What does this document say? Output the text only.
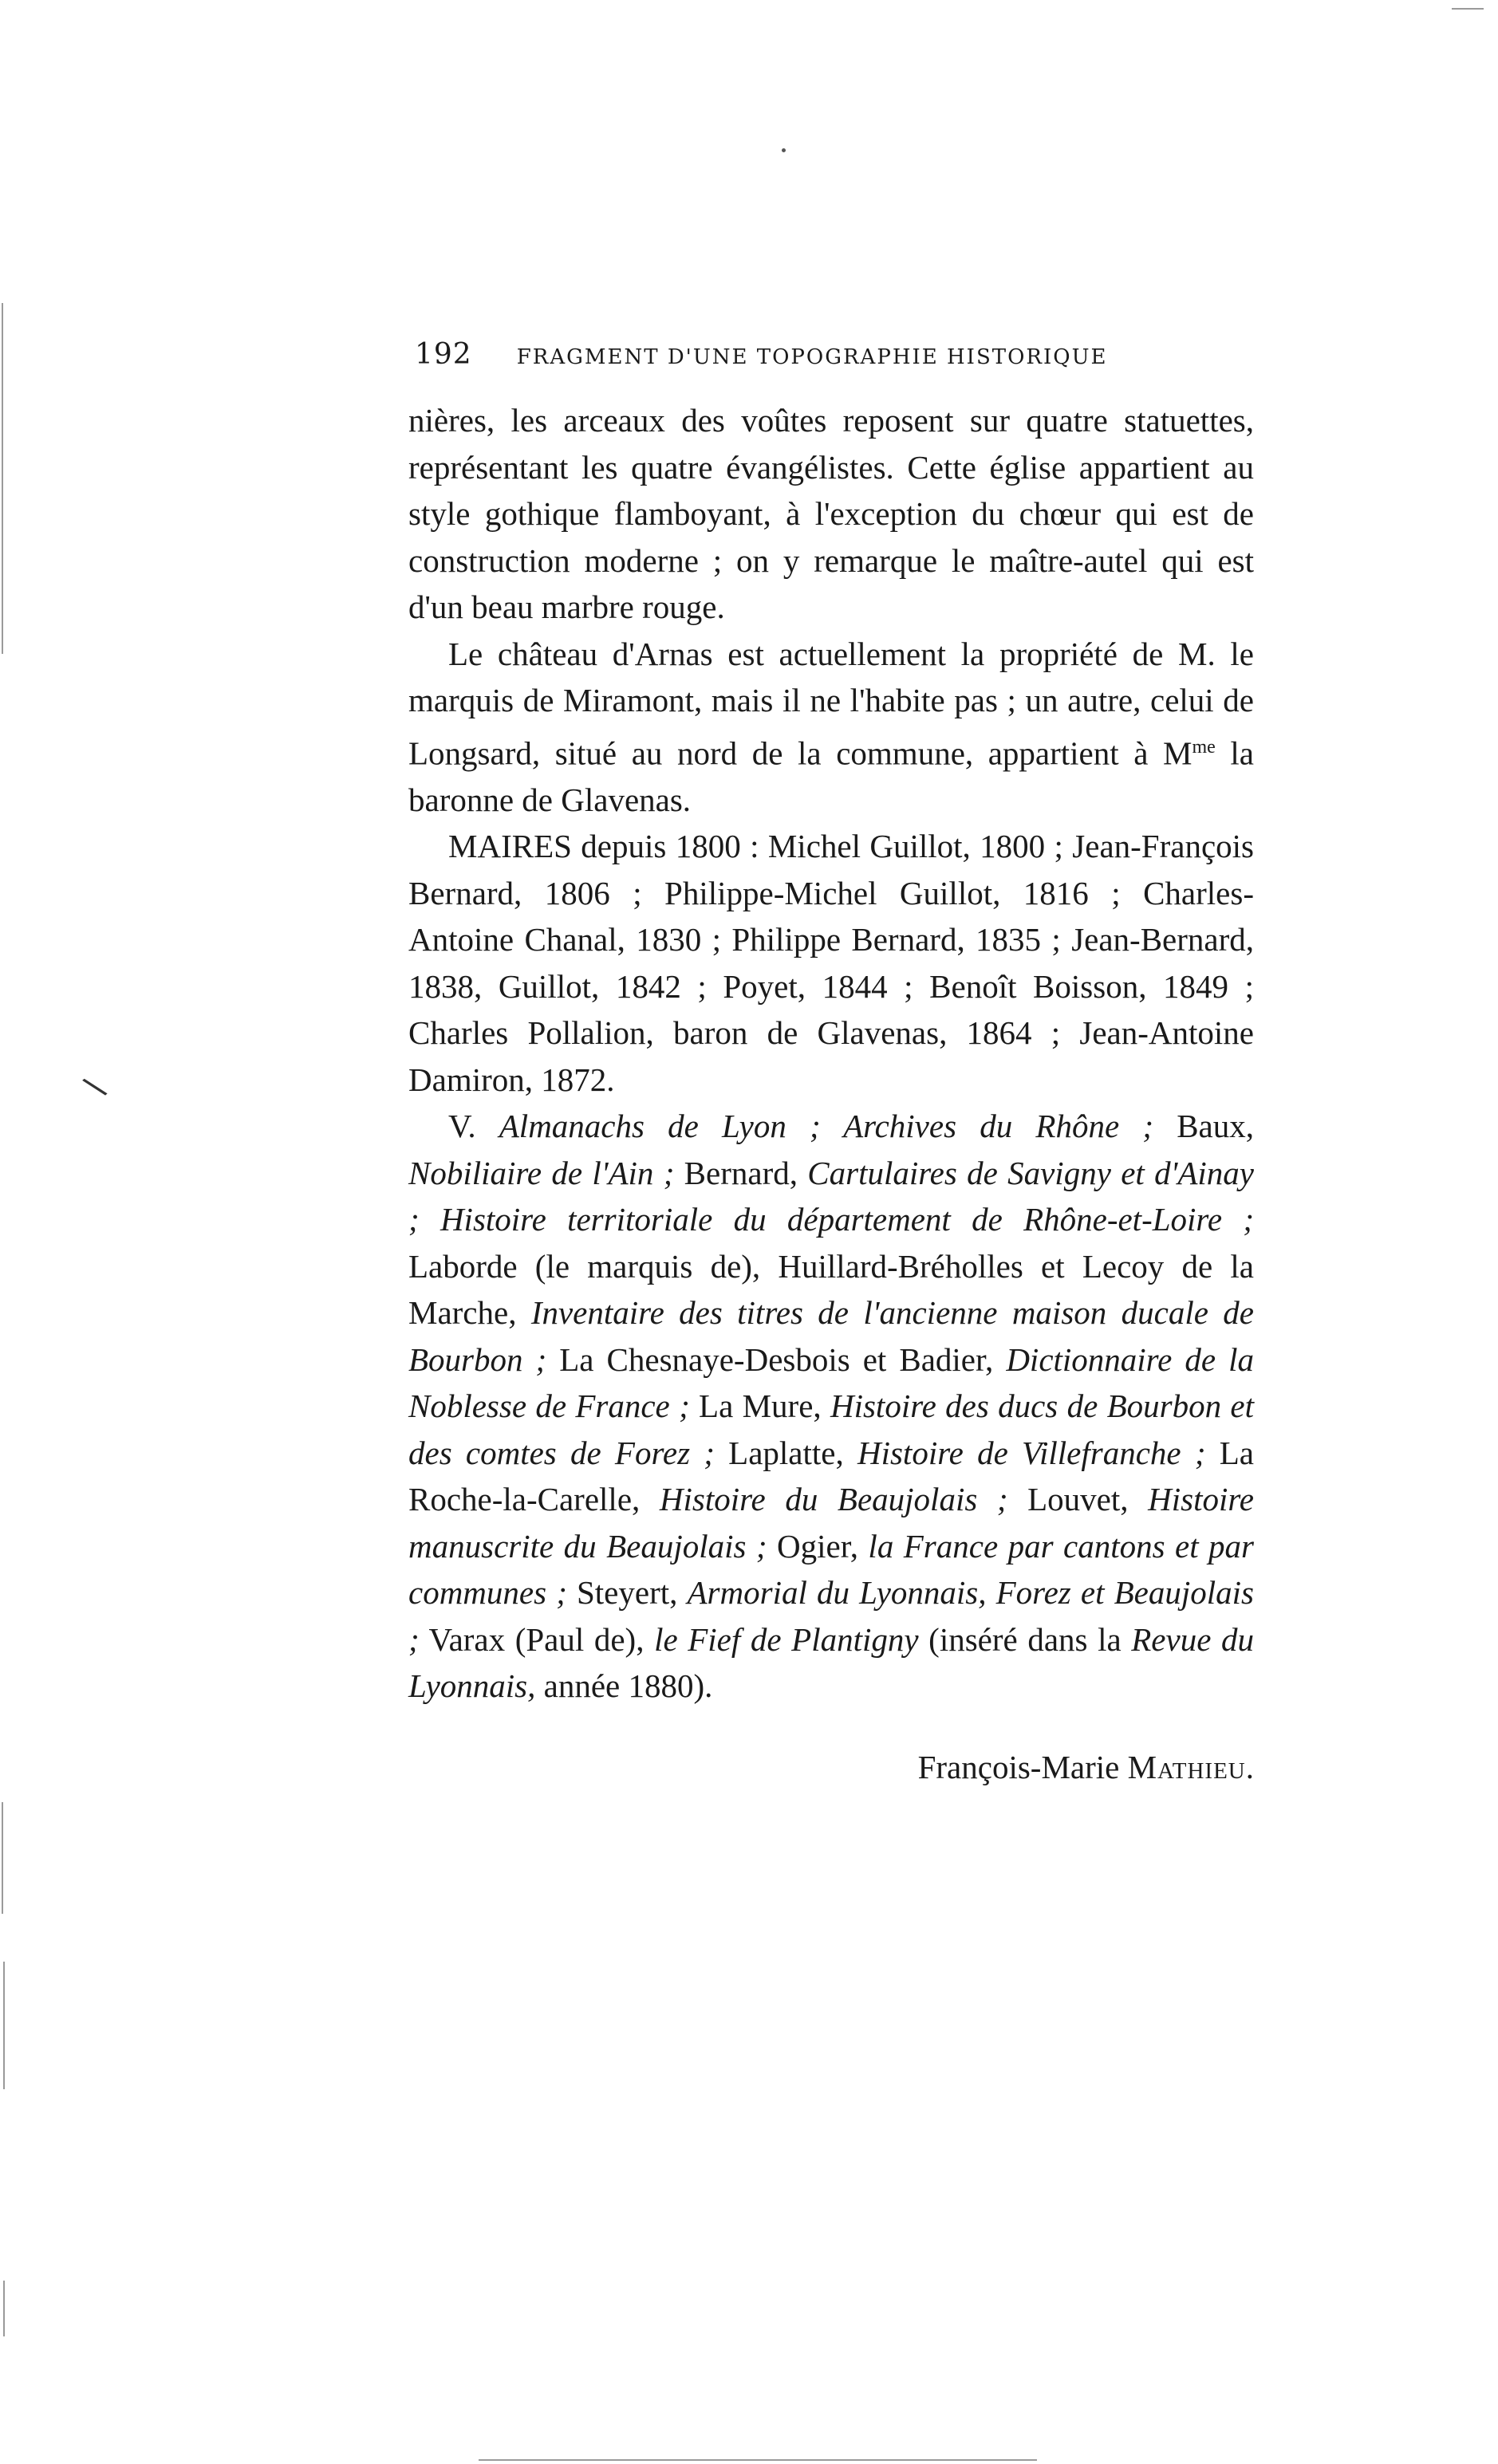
192 FRAGMENT D'UNE TOPOGRAPHIE HISTORIQUE

nières, les arceaux des voûtes reposent sur quatre statuettes, représentant les quatre évangélistes. Cette église appartient au style gothique flamboyant, à l'exception du chœur qui est de construction moderne ; on y remarque le maître-autel qui est d'un beau marbre rouge.

Le château d'Arnas est actuellement la propriété de M. le marquis de Miramont, mais il ne l'habite pas ; un autre, celui de Longsard, situé au nord de la commune, appartient à $M^{me}$ la baronne de Glavenas.

MAIRES depuis 1800 : Michel Guillot, 1800 ; Jean-François Bernard, 1806 ; Philippe-Michel Guillot, 1816 ; Charles-Antoine Chanal, 1830 ; Philippe Bernard, 1835 ; Jean-Bernard, 1838, Guillot, 1842 ; Poyet, 1844 ; Benoît Boisson, 1849 ; Charles Pollalion, baron de Glavenas, 1864 ; Jean-Antoine Damiron, 1872.

V. Almanachs de Lyon ; Archives du Rhône ; Baux, Nobiliaire de l'Ain ; Bernard, Cartulaires de Savigny et d'Ainay ; Histoire territoriale du département de Rhône-et-Loire ; Laborde (le marquis de), Huillard-Bréholles et Lecoy de la Marche, Inventaire des titres de l'ancienne maison ducale de Bourbon ; La Chesnaye-Desbois et Badier, Dictionnaire de la Noblesse de France ; La Mure, Histoire des ducs de Bourbon et des comtes de Forez ; Laplatte, Histoire de Villefranche ; La Roche-la-Carelle, Histoire du Beaujolais ; Louvet, Histoire manuscrite du Beaujolais ; Ogier, la France par cantons et par communes ; Steyert, Armorial du Lyonnais, Forez et Beaujolais ; Varax (Paul de), le Fief de Plantigny (inséré dans la Revue du Lyonnais, année 1880).

François-Marie Mathieu.
\
